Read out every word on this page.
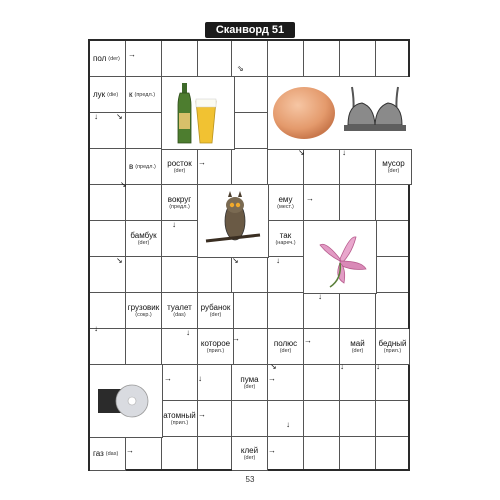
Сканворд 51
пол (der)
лук (die) к (предл.)
в (предл.) росток
(der)
мусор
(der)
вокруг
(предл.)
ему
(мест.)
бамбук
(der)
так
(нареч.)
грузовик
(сокр.)
туалет
(das)
рубанок
(der)
которое
(прил.)
полюс
(der)
май
(der)
бедный
(прил.)
пума
(der)
атомный
(прил.)
газ (das)	клей
(der)
→
⇘
↓ ↘
→
↘	↓
↘
→
↓
↘	↘	↓
↓
↓	↓
→
↘
→
↓	↓
→	↓	→
→
↓
→	→
53
